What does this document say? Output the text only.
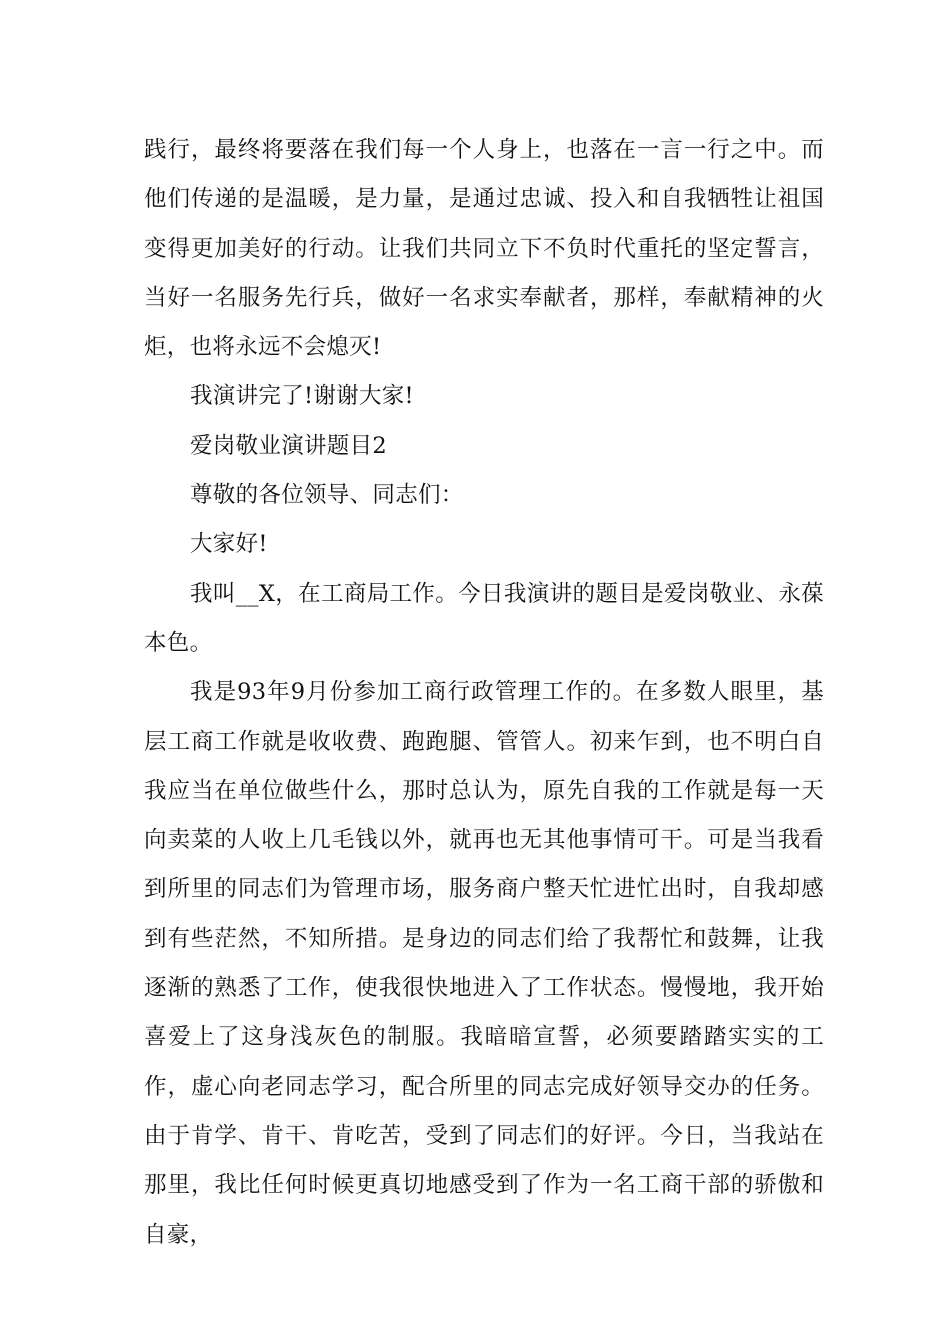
践行，最终将要落在我们每一个人身上，也落在一言一行之中。而他们传递的是温暖，是力量，是通过忠诚、投入和自我牺牲让祖国变得更加美好的行动。让我们共同立下不负时代重托的坚定誓言，当好一名服务先行兵，做好一名求实奉献者，那样，奉献精神的火炬，也将永远不会熄灭!

我演讲完了!谢谢大家!

爱岗敬业演讲题目2

尊敬的各位领导、同志们：

大家好!

我叫__X，在工商局工作。今日我演讲的题目是爱岗敬业、永葆本色。

我是93年9月份参加工商行政管理工作的。在多数人眼里，基层工商工作就是收收费、跑跑腿、管管人。初来乍到，也不明白自我应当在单位做些什么，那时总认为，原先自我的工作就是每一天向卖菜的人收上几毛钱以外，就再也无其他事情可干。可是当我看到所里的同志们为管理市场，服务商户整天忙进忙出时，自我却感到有些茫然，不知所措。是身边的同志们给了我帮忙和鼓舞，让我逐渐的熟悉了工作，使我很快地进入了工作状态。慢慢地，我开始喜爱上了这身浅灰色的制服。我暗暗宣誓，必须要踏踏实实的工作，虚心向老同志学习，配合所里的同志完成好领导交办的任务。由于肯学、肯干、肯吃苦，受到了同志们的好评。今日，当我站在那里，我比任何时候更真切地感受到了作为一名工商干部的骄傲和自豪，
